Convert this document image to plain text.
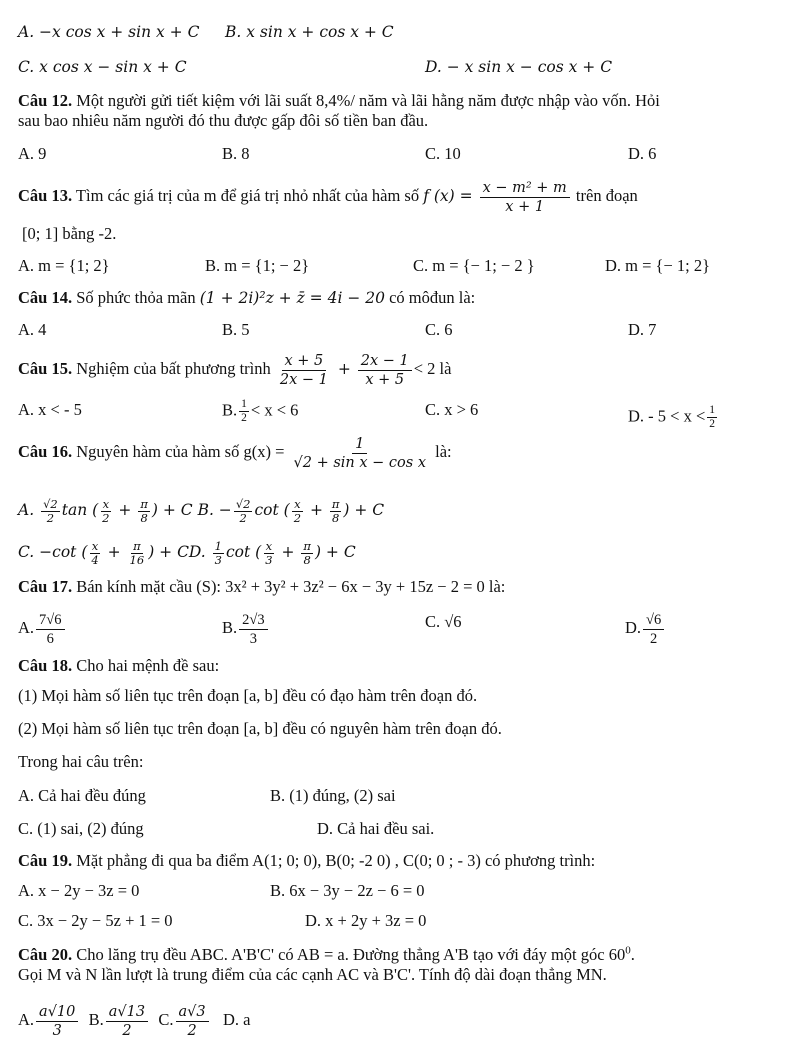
A. −x cos x + sin x + C B. x sin x + cos x + C
C. x cos x − sin x + C	D. − x sin x − cos x + C
Câu 12. Một người gửi tiết kiệm với lãi suất 8,4%/ năm và lãi hằng năm được nhập vào vốn. Hỏi
sau bao nhiêu năm người đó thu được gấp đôi số tiền ban đầu.
A. 9	B. 8	C. 10	D. 6
Câu 13. Tìm các giá trị của m để giá trị nhỏ nhất của hàm số f $(x) = \frac{\text{x − m² + m}}{x + 1}$ trên đoạn
[0; 1] bằng -2.
A. m = {1; 2}	B. m = {1; − 2}	C. m = {− 1; − 2 }	D. m = {− 1; 2}
Câu 14. Số phức thỏa mãn (1 + 2i)²z + z̄ = 4i − 20 có môđun là:
A. 4	B. 5	C. 6	D. 7
Câu 15. Nghiệm của bất phương trình $\frac{x + 5}{2x - 1} + \frac{2x - 1}{x + 5} < 2$ là
A. x < - 5	B. $\frac{1}{2} < x < 6$	C. x > 6	D. - $5 < x < \frac{1}{2}$
Câu 16. Nguyên hàm của hàm số $g(x) = \frac{1}{\text{√2 + sin x − cos x}}$ là:
A. $\frac{√2}{2}$ tan ( $\frac{x}{2} + \frac{\pi}{8}$ ) + C B. − $\frac{√2}{2}$ cot ( $\frac{x}{2} + \frac{\pi}{8}$ ) + C
C. −cot ( $\frac{x}{4} + \frac{\pi}{16}$ ) + CD. $\frac{1}{3}$ cot ( $\frac{x}{3} + \frac{\pi}{8}$ ) + C
Câu 17. Bán kính mặt cầu (S): 3x² + 3y² + 3z² − 6x − 3y + 15z − 2 = 0 là:
A. $\frac{7√6}{6}$	B. $\frac{2√3}{3}$	C. √6	D. $\frac{√6}{2}$
Câu 18. Cho hai mệnh đề sau:
(1) Mọi hàm số liên tục trên đoạn [a, b] đều có đạo hàm trên đoạn đó.
(2) Mọi hàm số liên tục trên đoạn [a, b] đều có nguyên hàm trên đoạn đó.
Trong hai câu trên:
A. Cả hai đều đúng	B. (1) đúng, (2) sai
C. (1) sai, (2) đúng	D. Cả hai đều sai.
Câu 19. Mặt phẳng đi qua ba điểm A(1; 0; 0), B(0; -2 0) , C(0; 0 ; - 3) có phương trình:
A. x − 2y − 3z = 0	B. 6x − 3y − 2z − 6 = 0
C. 3x − 2y − 5z + 1 = 0	D. x + 2y + 3z = 0
Câu 20. Cho lăng trụ đều ABC. A'B'C' có AB = a. Đường thẳng A'B tạo với đáy một góc $60^0$.
Gọi M và N lần lượt là trung điểm của các cạnh AC và B'C'. Tính độ dài đoạn thẳng MN.
A. $\frac{a√10}{3} B$. $\frac{a√13}{2} C$. $\frac{a√3}{2} D$. a
